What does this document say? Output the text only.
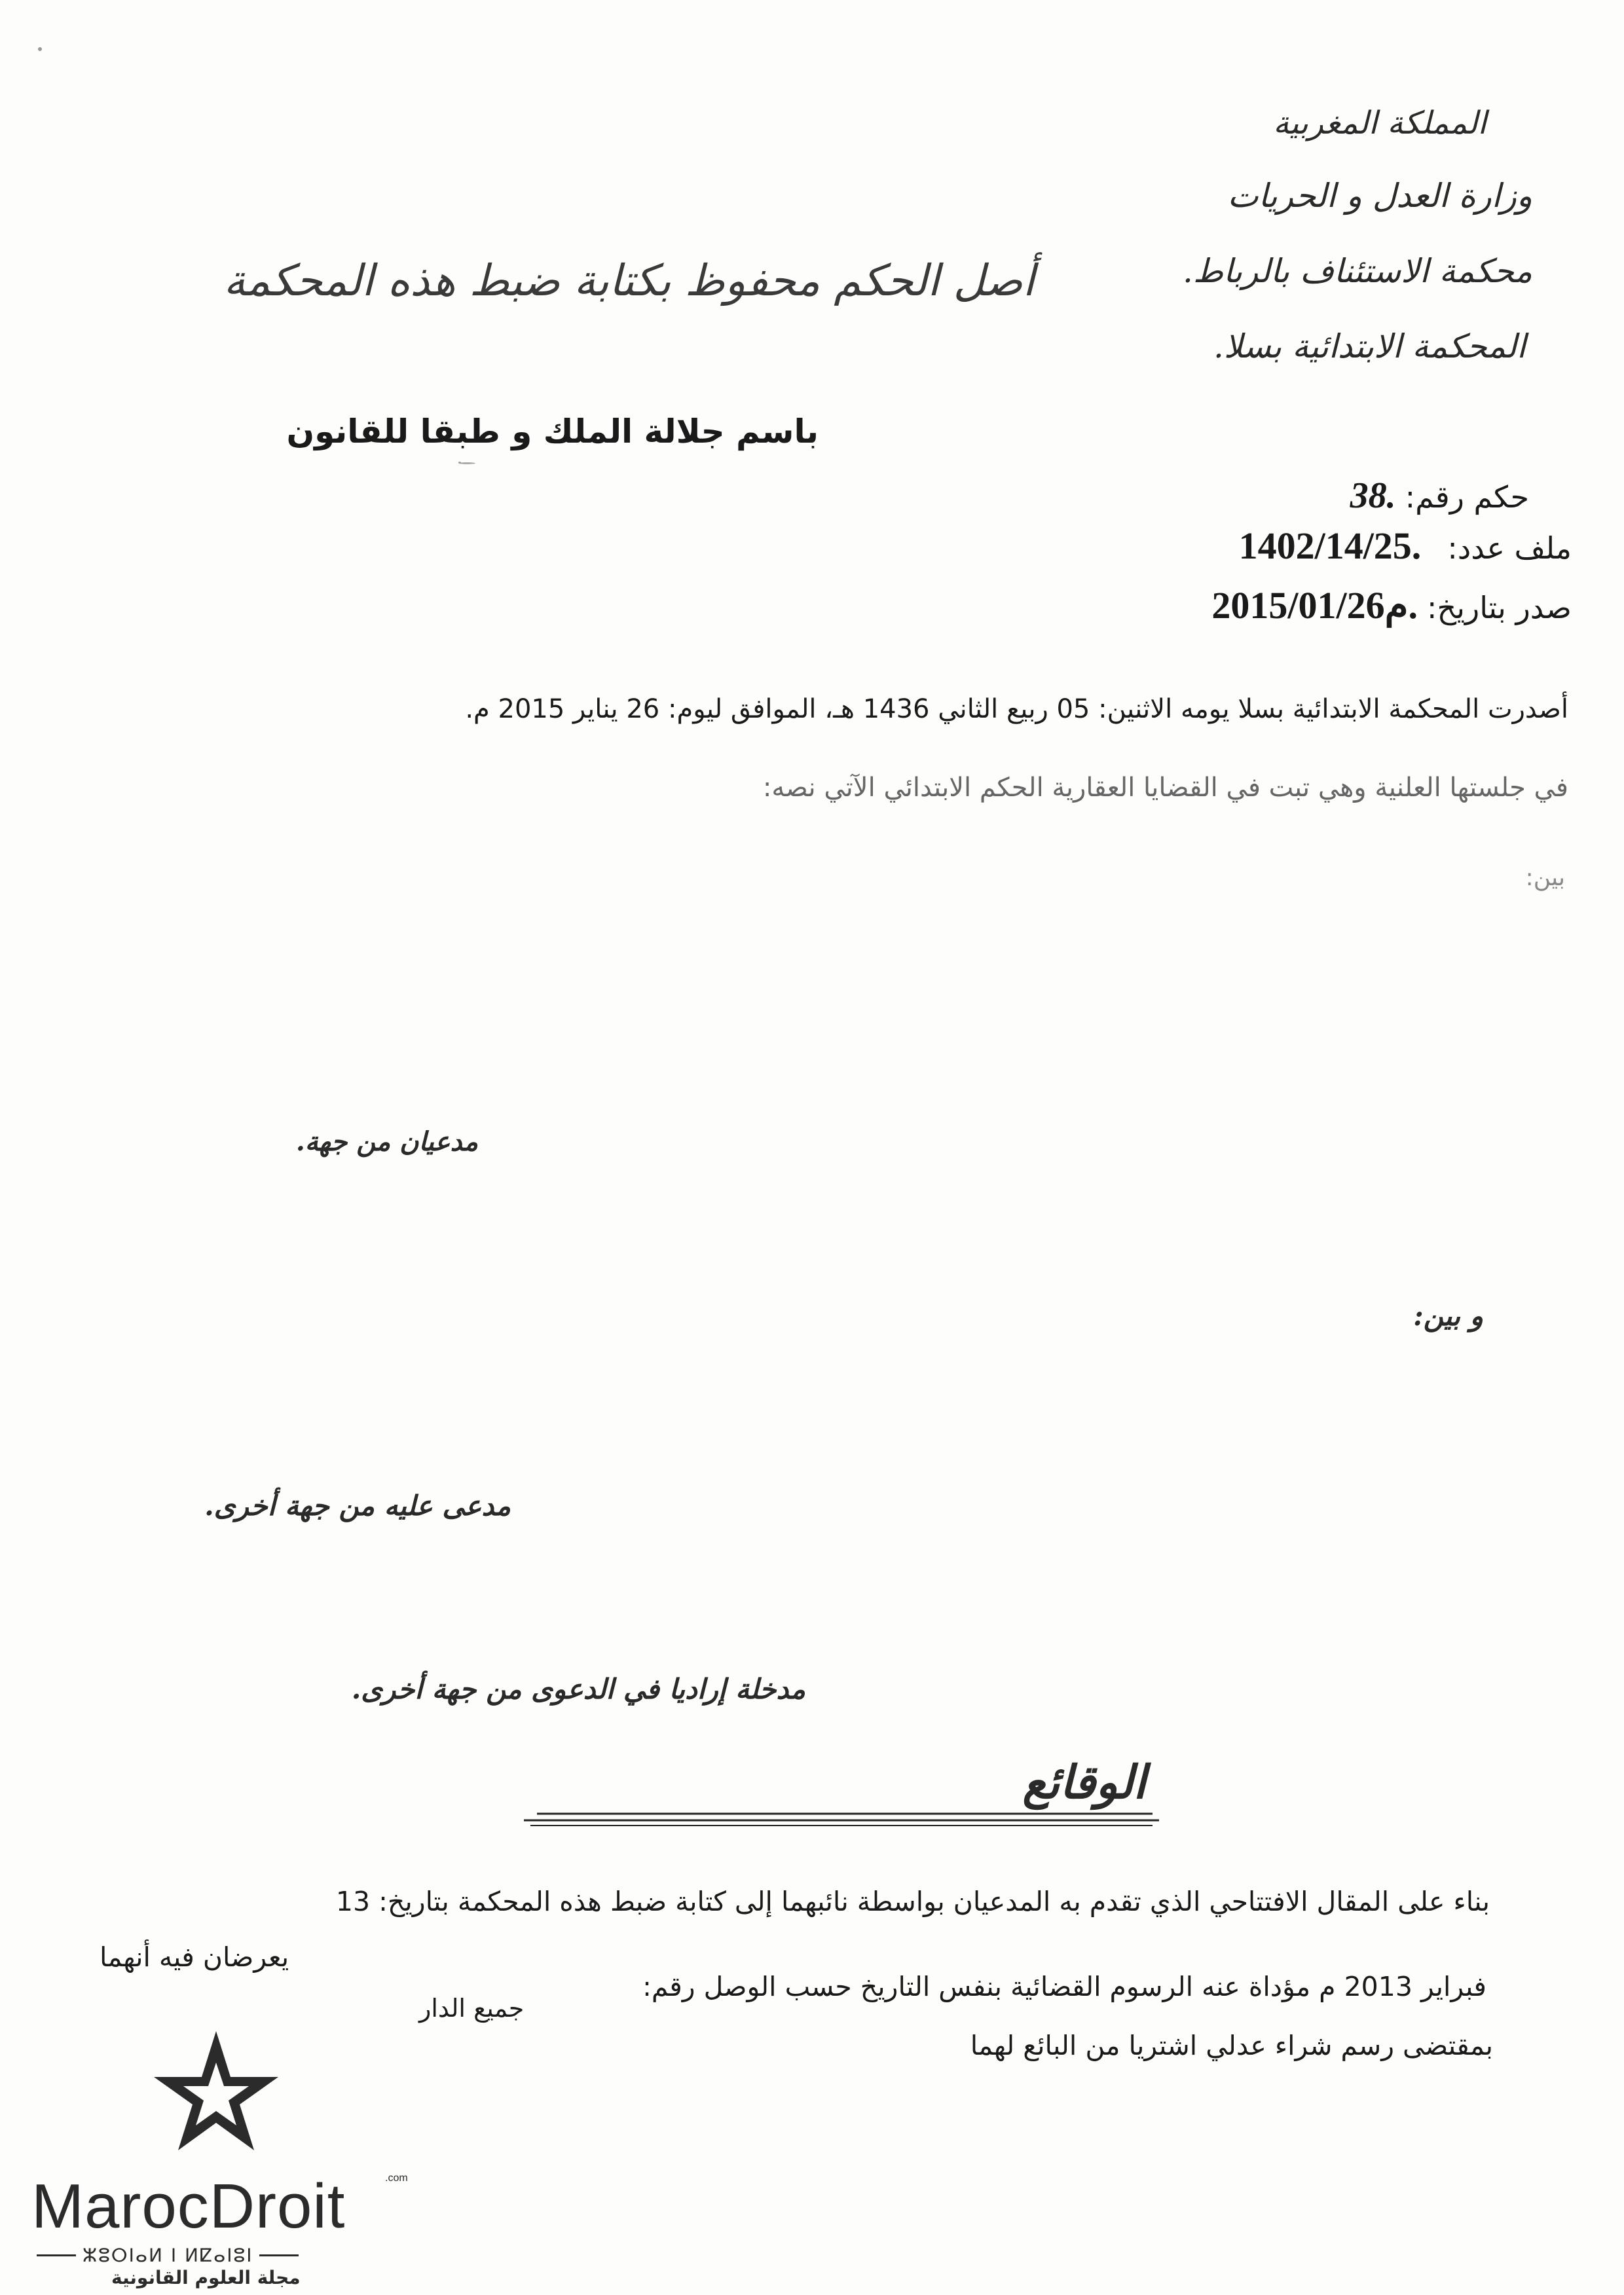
المملكة المغربية
وزارة العدل و الحريات
محكمة الاستئناف بالرباط.
المحكمة الابتدائية بسلا.
أصل الحكم محفوظ بكتابة ضبط هذه المحكمة
باسم جلالة الملك و طبقا للقانون
حكم رقم:
38.
ملف عدد:
1402/14/25.
صدر بتاريخ:
2015/01/26م.
أصدرت المحكمة الابتدائية بسلا يومه الاثنين: 05 ربيع الثاني 1436 هـ، الموافق ليوم: 26 يناير 2015 م.
في جلستها العلنية وهي تبت في القضايا العقارية الحكم الابتدائي الآتي نصه:
بين:
مدعيان من جهة.
و بين:
مدعى عليه من جهة أخرى.
مدخلة إراديا في الدعوى من جهة أخرى.
الوقائع
بناء على المقال الافتتاحي الذي تقدم به المدعيان بواسطة نائبهما إلى كتابة ضبط هذه المحكمة بتاريخ: 13
فبراير 2013 م مؤداة عنه الرسوم القضائية بنفس التاريخ حسب الوصل رقم:
يعرضان فيه أنهما
جميع الدار
بمقتضى رسم شراء عدلي اشتريا من البائع لهما
MarocDroit	.com
ⵣⵓⵔⵏⴰⵍ ⵏ ⵍⵇⴰⵏⵓⵏ
مجلة العلوم القانونية
